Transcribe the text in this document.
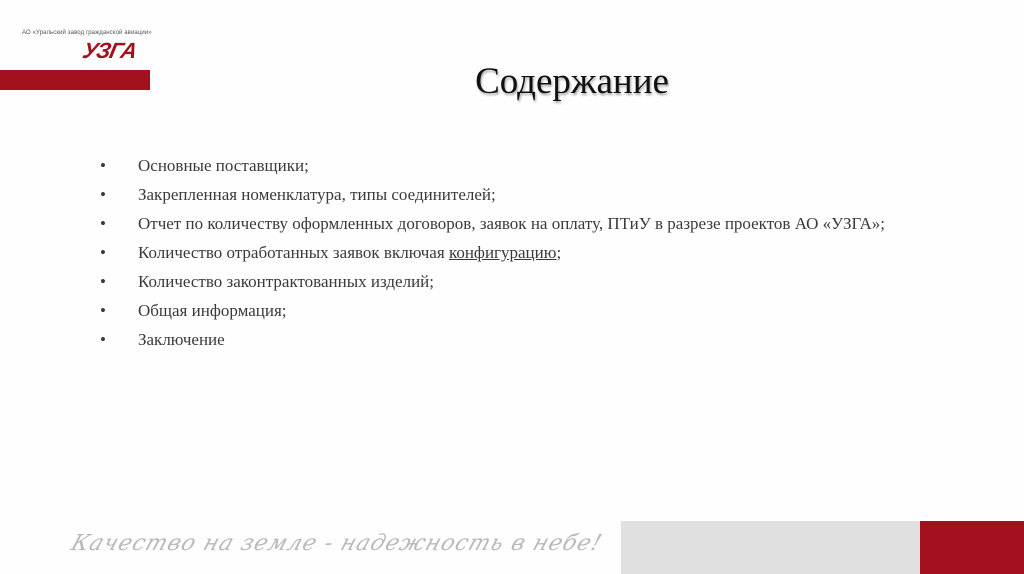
АО «Уральский завод гражданской авиации»
УЗГА
Содержание
• Основные поставщики;
• Закрепленная номенклатура, типы соединителей;
• Отчет по количеству оформленных договоров, заявок на оплату, ПТиУ в разрезе проектов АО «УЗГА»;
• Количество отработанных заявок включая конфигурацию;
• Количество законтрактованных изделий;
• Общая информация;
• Заключение
Качество на земле - надежность в небе!
